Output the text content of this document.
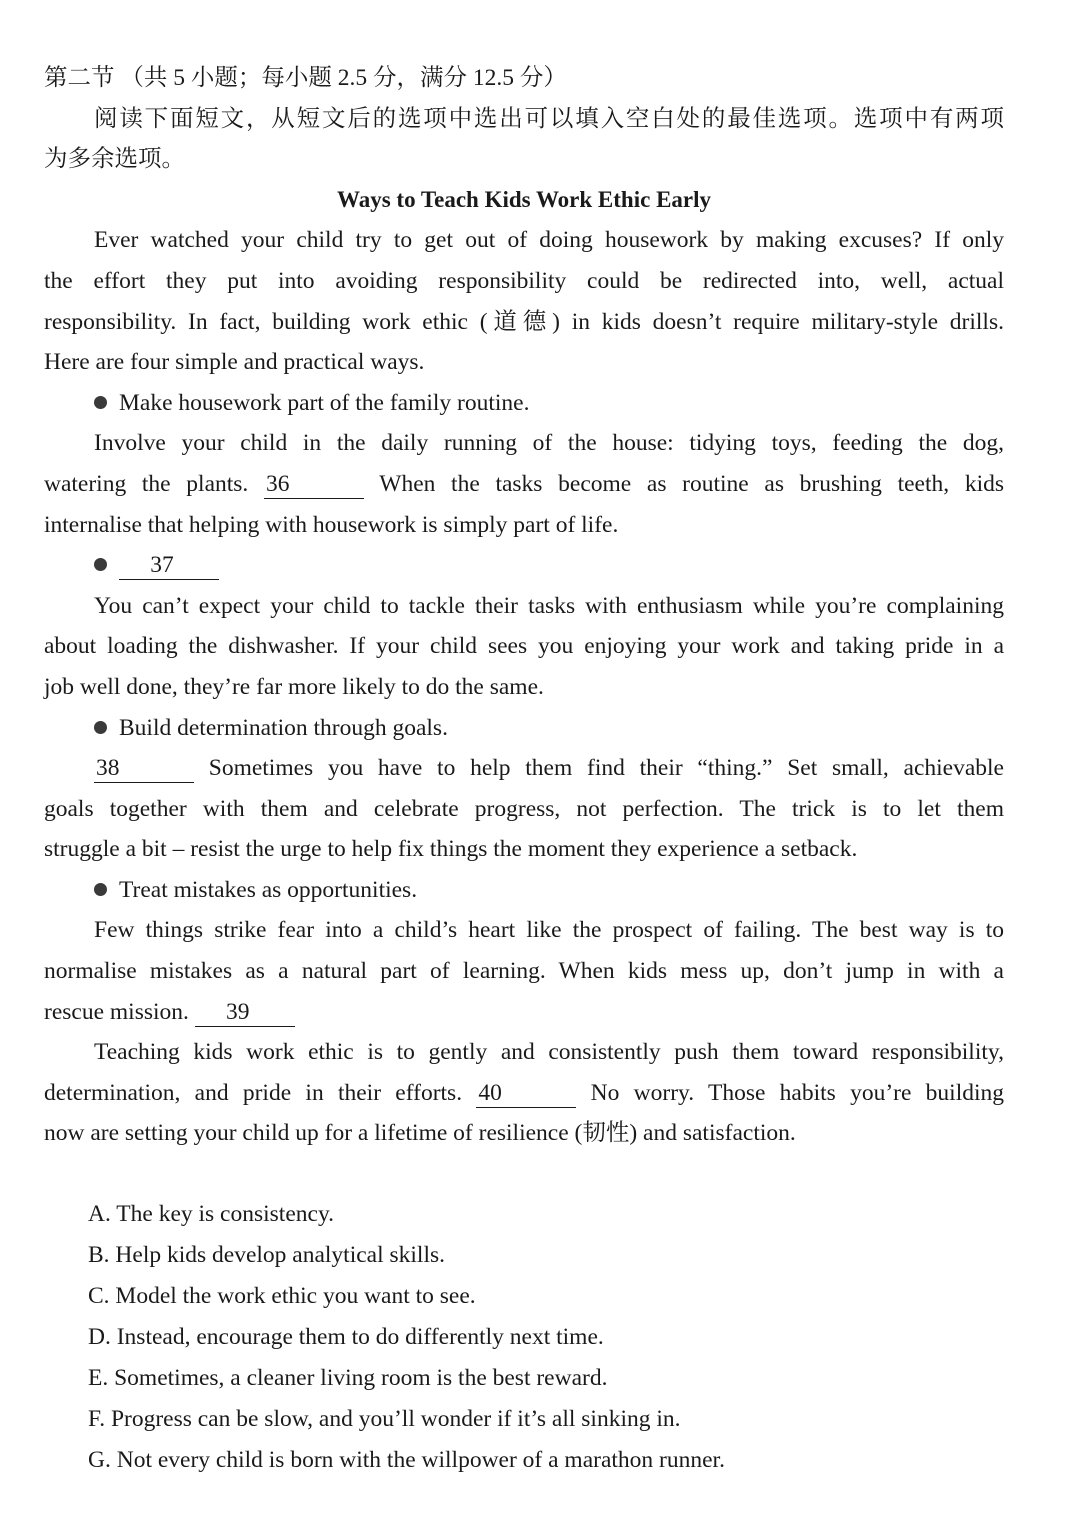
第二节 （共 5 小题；每小题 2.5 分，满分 12.5 分）
阅读下面短文，从短文后的选项中选出可以填入空白处的最佳选项。选项中有两项
为多余选项。
Ways to Teach Kids Work Ethic Early
Ever watched your child try to get out of doing housework by making excuses? If only
the effort they put into avoiding responsibility could be redirected into, well, actual
responsibility. In fact, building work ethic (道德) in kids doesn’t require military-style drills.
Here are four simple and practical ways.
Make housework part of the family routine.
Involve your child in the daily running of the house: tidying toys, feeding the dog,
watering the plants. 36	When the tasks become as routine as brushing teeth, kids
internalise that helping with housework is simply part of life.
37
You can’t expect your child to tackle their tasks with enthusiasm while you’re complaining
about loading the dishwasher. If your child sees you enjoying your work and taking pride in a
job well done, they’re far more likely to do the same.
Build determination through goals.
38	Sometimes you have to help them find their “thing.” Set small, achievable
goals together with them and celebrate progress, not perfection. The trick is to let them
struggle a bit – resist the urge to help fix things the moment they experience a setback.
Treat mistakes as opportunities.
Few things strike fear into a child’s heart like the prospect of failing. The best way is to
normalise mistakes as a natural part of learning. When kids mess up, don’t jump in with a
rescue mission. 39
Teaching kids work ethic is to gently and consistently push them toward responsibility,
determination, and pride in their efforts. 40	No worry. Those habits you’re building
now are setting your child up for a lifetime of resilience (韧性) and satisfaction.
A. The key is consistency.
B. Help kids develop analytical skills.
C. Model the work ethic you want to see.
D. Instead, encourage them to do differently next time.
E. Sometimes, a cleaner living room is the best reward.
F. Progress can be slow, and you’ll wonder if it’s all sinking in.
G. Not every child is born with the willpower of a marathon runner.
